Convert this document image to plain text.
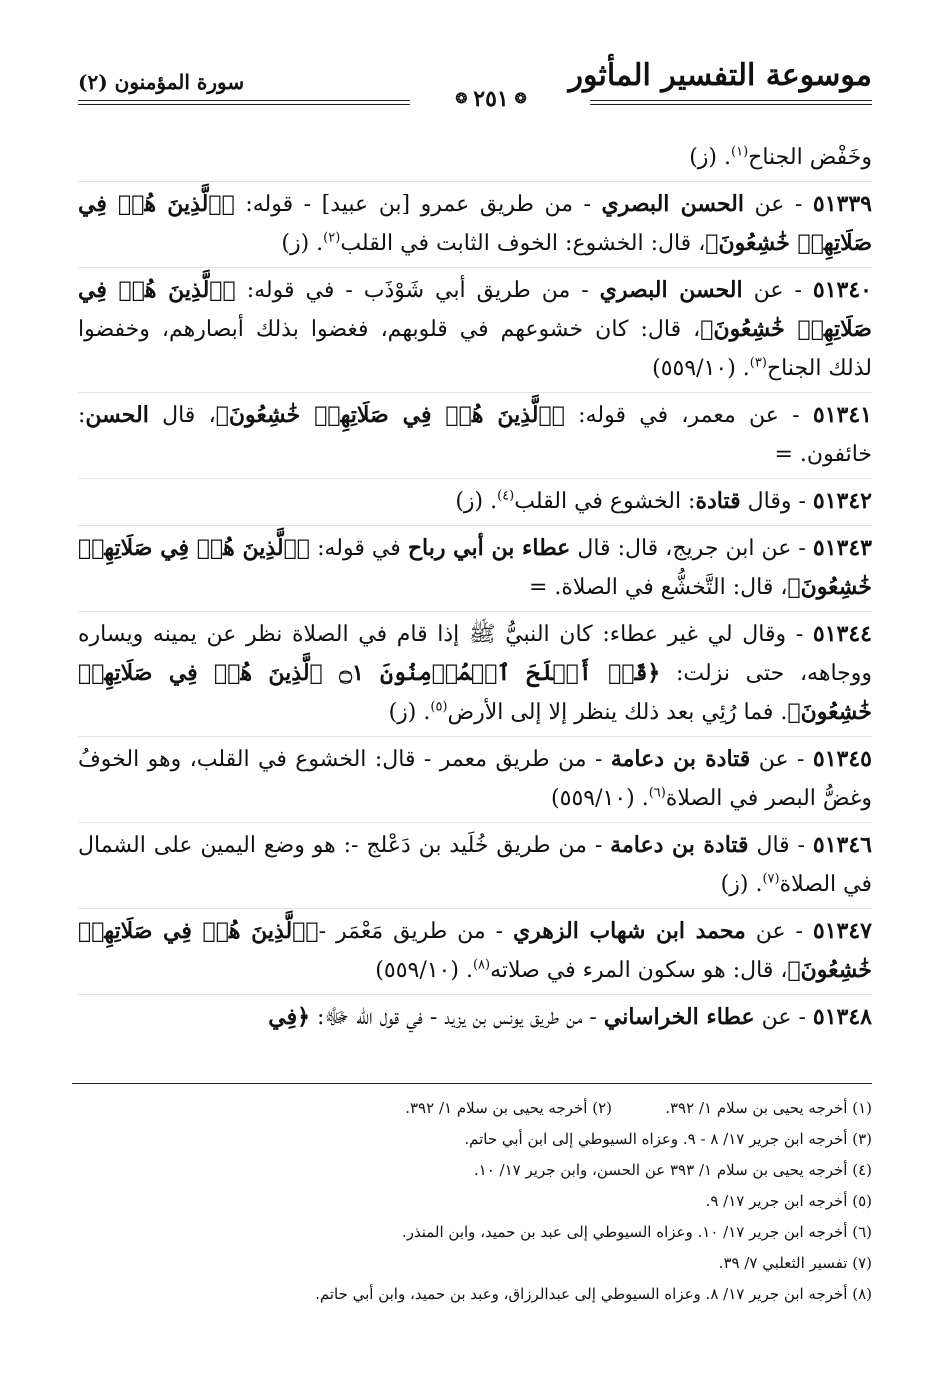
موسوعة التفسير المأثور
سورة المؤمنون (٢)
❂٢٥١❂

وخَفْض الجناح$^{(١)}$. (ز)

٥١٣٣٩ - عن الحسن البصري - من طريق عمرو [بن عبيد] - قوله: ﴿ٱلَّذِينَ هُمۡ فِي صَلَاتِهِمۡ خَٰشِعُونَ﴾، قال: الخشوع: الخوف الثابت في القلب$^{(٢)}$. (ز)

٥١٣٤٠ - عن الحسن البصري - من طريق أبي شَوْذَب - في قوله: ﴿ٱلَّذِينَ هُمۡ فِي صَلَاتِهِمۡ خَٰشِعُونَ﴾، قال: كان خشوعهم في قلوبهم، فغضوا بذلك أبصارهم، وخفضوا لذلك الجناح$^{(٣)}$. (٥٥٩/١٠)

٥١٣٤١ - عن معمر، في قوله: ﴿ٱلَّذِينَ هُمۡ فِي صَلَاتِهِمۡ خَٰشِعُونَ﴾، قال الحسن: خائفون. =

٥١٣٤٢ - وقال قتادة: الخشوع في القلب$^{(٤)}$. (ز)

٥١٣٤٣ - عن ابن جريج، قال: قال عطاء بن أبي رباح في قوله: ﴿ٱلَّذِينَ هُمۡ فِي صَلَاتِهِمۡ خَٰشِعُونَ﴾، قال: التَّخشُّع في الصلاة. =

٥١٣٤٤ - وقال لي غير عطاء: كان النبيُّ ﷺ إذا قام في الصلاة نظر عن يمينه ويساره ووجاهه، حتى نزلت: ﴿قَدۡ أَفۡلَحَ ٱلۡمُؤۡمِنُونَ ۝١ ٱلَّذِينَ هُمۡ فِي صَلَاتِهِمۡ خَٰشِعُونَ﴾. فما رُئِي بعد ذلك ينظر إلا إلى الأرض$^{(٥)}$. (ز)

٥١٣٤٥ - عن قتادة بن دعامة - من طريق معمر - قال: الخشوع في القلب، وهو الخوفُ وغضُّ البصر في الصلاة$^{(٦)}$. (٥٥٩/١٠)

٥١٣٤٦ - قال قتادة بن دعامة - من طريق خُلَيد بن دَعْلج -: هو وضع اليمين على الشمال في الصلاة$^{(٧)}$. (ز)

٥١٣٤٧ - عن محمد ابن شهاب الزهري - من طريق مَعْمَر -﴿ٱلَّذِينَ هُمۡ فِي صَلَاتِهِمۡ خَٰشِعُونَ﴾، قال: هو سكون المرء في صلاته$^{(٨)}$. (٥٥٩/١٠)

٥١٣٤٨ - عن عطاء الخراساني - من طريق يونس بن يزيد - في قول الله ﷻ: ﴿فِي

(١) أخرجه يحيى بن سلام ١/ ٣٩٢.
(٢) أخرجه يحيى بن سلام ١/ ٣٩٢.
(٣) أخرجه ابن جرير ١٧/ ٨ - ٩. وعزاه السيوطي إلى ابن أبي حاتم.
(٤) أخرجه يحيى بن سلام ١/ ٣٩٣ عن الحسن، وابن جرير ١٧/ ١٠.
(٥) أخرجه ابن جرير ١٧/ ٩.
(٦) أخرجه ابن جرير ١٧/ ١٠. وعزاه السيوطي إلى عبد بن حميد، وابن المنذر.
(٧) تفسير الثعلبي ٧/ ٣٩.
(٨) أخرجه ابن جرير ١٧/ ٨. وعزاه السيوطي إلى عبدالرزاق، وعبد بن حميد، وابن أبي حاتم.
